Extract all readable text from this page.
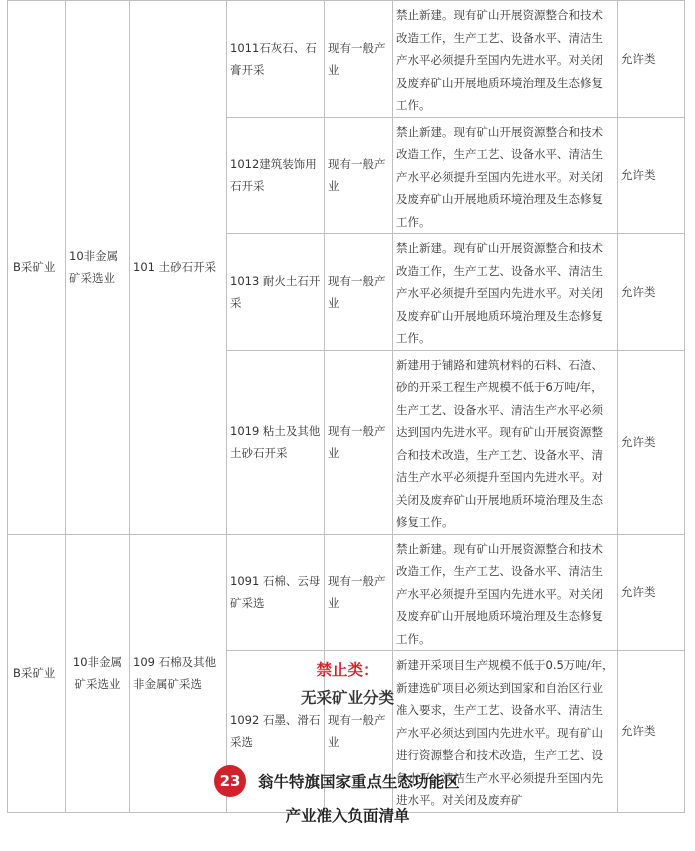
B采矿业	10非金属矿采选业	101 土砂石开采	1011石灰石、石膏开采	现有一般产业	禁止新建。现有矿山开展资源整合和技术改造工作，生产工艺、设备水平、清洁生产水平必须提升至国内先进水平。对关闭及废弃矿山开展地质环境治理及生态修复工作。	允许类
			1012建筑装饰用石开采	现有一般产业	禁止新建。现有矿山开展资源整合和技术改造工作，生产工艺、设备水平、清洁生产水平必须提升至国内先进水平。对关闭及废弃矿山开展地质环境治理及生态修复工作。	允许类
			1013 耐火土石开采	现有一般产业	禁止新建。现有矿山开展资源整合和技术改造工作，生产工艺、设备水平、清洁生产水平必须提升至国内先进水平。对关闭及废弃矿山开展地质环境治理及生态修复工作。	允许类
			1019 粘土及其他土砂石开采	现有一般产业	新建用于铺路和建筑材料的石料、石渣、砂的开采工程生产规模不低于6万吨/年，生产工艺、设备水平、清洁生产水平必须达到国内先进水平。现有矿山开展资源整合和技术改造，生产工艺、设备水平、清洁生产水平必须提升至国内先进水平。对关闭及废弃矿山开展地质环境治理及生态修复工作。	允许类
B采矿业	10非金属矿采选业	109 石棉及其他非金属矿采选	1091 石棉、云母矿采选	现有一般产业	禁止新建。现有矿山开展资源整合和技术改造工作，生产工艺、设备水平、清洁生产水平必须提升至国内先进水平。对关闭及废弃矿山开展地质环境治理及生态修复工作。	允许类
			1092 石墨、滑石采选	现有一般产业	新建开采项目生产规模不低于0.5万吨/年，新建选矿项目必须达到国家和自治区行业准入要求，生产工艺、设备水平、清洁生产水平必须达到国内先进水平。现有矿山进行资源整合和技术改造，生产工艺、设备水平、清洁生产水平必须提升至国内先进水平。对关闭及废弃矿	允许类
禁止类：
无采矿业分类
23	翁牛特旗国家重点生态功能区
产业准入负面清单
